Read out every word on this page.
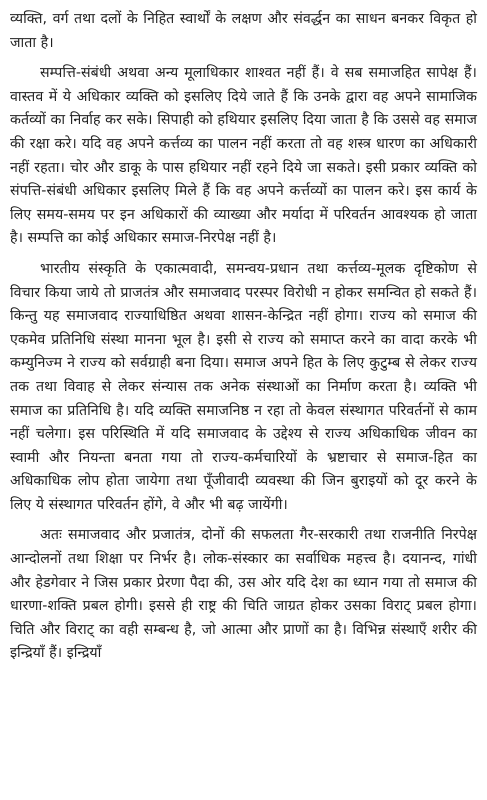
व्यक्ति, वर्ग तथा दलों के निहित स्वार्थों के लक्षण और संवर्द्धन का साधन बनकर विकृत हो जाता है।

सम्पत्ति-संबंधी अथवा अन्य मूलाधिकार शाश्वत नहीं हैं। वे सब समाजहित सापेक्ष हैं। वास्तव में ये अधिकार व्यक्ति को इसलिए दिये जाते हैं कि उनके द्वारा वह अपने सामाजिक कर्तव्यों का निर्वाह कर सके। सिपाही को हथियार इसलिए दिया जाता है कि उससे वह समाज की रक्षा करे। यदि वह अपने कर्त्तव्य का पालन नहीं करता तो वह शस्त्र धारण का अधिकारी नहीं रहता। चोर और डाकू के पास हथियार नहीं रहने दिये जा सकते। इसी प्रकार व्यक्ति को संपत्ति-संबंधी अधिकार इसलिए मिले हैं कि वह अपने कर्त्तव्यों का पालन करे। इस कार्य के लिए समय-समय पर इन अधिकारों की व्याख्या और मर्यादा में परिवर्तन आवश्यक हो जाता है। सम्पत्ति का कोई अधिकार समाज-निरपेक्ष नहीं है।

भारतीय संस्कृति के एकात्मवादी, समन्वय-प्रधान तथा कर्त्तव्य-मूलक दृष्टिकोण से विचार किया जाये तो प्राजतंत्र और समाजवाद परस्पर विरोधी न होकर समन्वित हो सकते हैं। किन्तु यह समाजवाद राज्याधिष्ठित अथवा शासन-केन्द्रित नहीं होगा। राज्य को समाज की एकमेव प्रतिनिधि संस्था मानना भूल है। इसी से राज्य को समाप्त करने का वादा करके भी कम्युनिज्म ने राज्य को सर्वग्राही बना दिया। समाज अपने हित के लिए कुटुम्ब से लेकर राज्य तक तथा विवाह से लेकर संन्यास तक अनेक संस्थाओं का निर्माण करता है। व्यक्ति भी समाज का प्रतिनिधि है। यदि व्यक्ति समाजनिष्ठ न रहा तो केवल संस्थागत परिवर्तनों से काम नहीं चलेगा। इस परिस्थिति में यदि समाजवाद के उद्देश्य से राज्य अधिकाधिक जीवन का स्वामी और नियन्ता बनता गया तो राज्य-कर्मचारियों के भ्रष्टाचार से समाज-हित का अधिकाधिक लोप होता जायेगा तथा पूँजीवादी व्यवस्था की जिन बुराइयों को दूर करने के लिए ये संस्थागत परिवर्तन होंगे, वे और भी बढ़ जायेंगी।

अतः समाजवाद और प्रजातंत्र, दोनों की सफलता गैर-सरकारी तथा राजनीति निरपेक्ष आन्दोलनों तथा शिक्षा पर निर्भर है। लोक-संस्कार का सर्वाधिक महत्त्व है। दयानन्द, गांधी और हेडगेवार ने जिस प्रकार प्रेरणा पैदा की, उस ओर यदि देश का ध्यान गया तो समाज की धारणा-शक्ति प्रबल होगी। इससे ही राष्ट्र की चिति जाग्रत होकर उसका विराट् प्रबल होगा। चिति और विराट् का वही सम्बन्ध है, जो आत्मा और प्राणों का है। विभिन्न संस्थाएँ शरीर की इन्द्रियाँ हैं। इन्द्रियाँ
